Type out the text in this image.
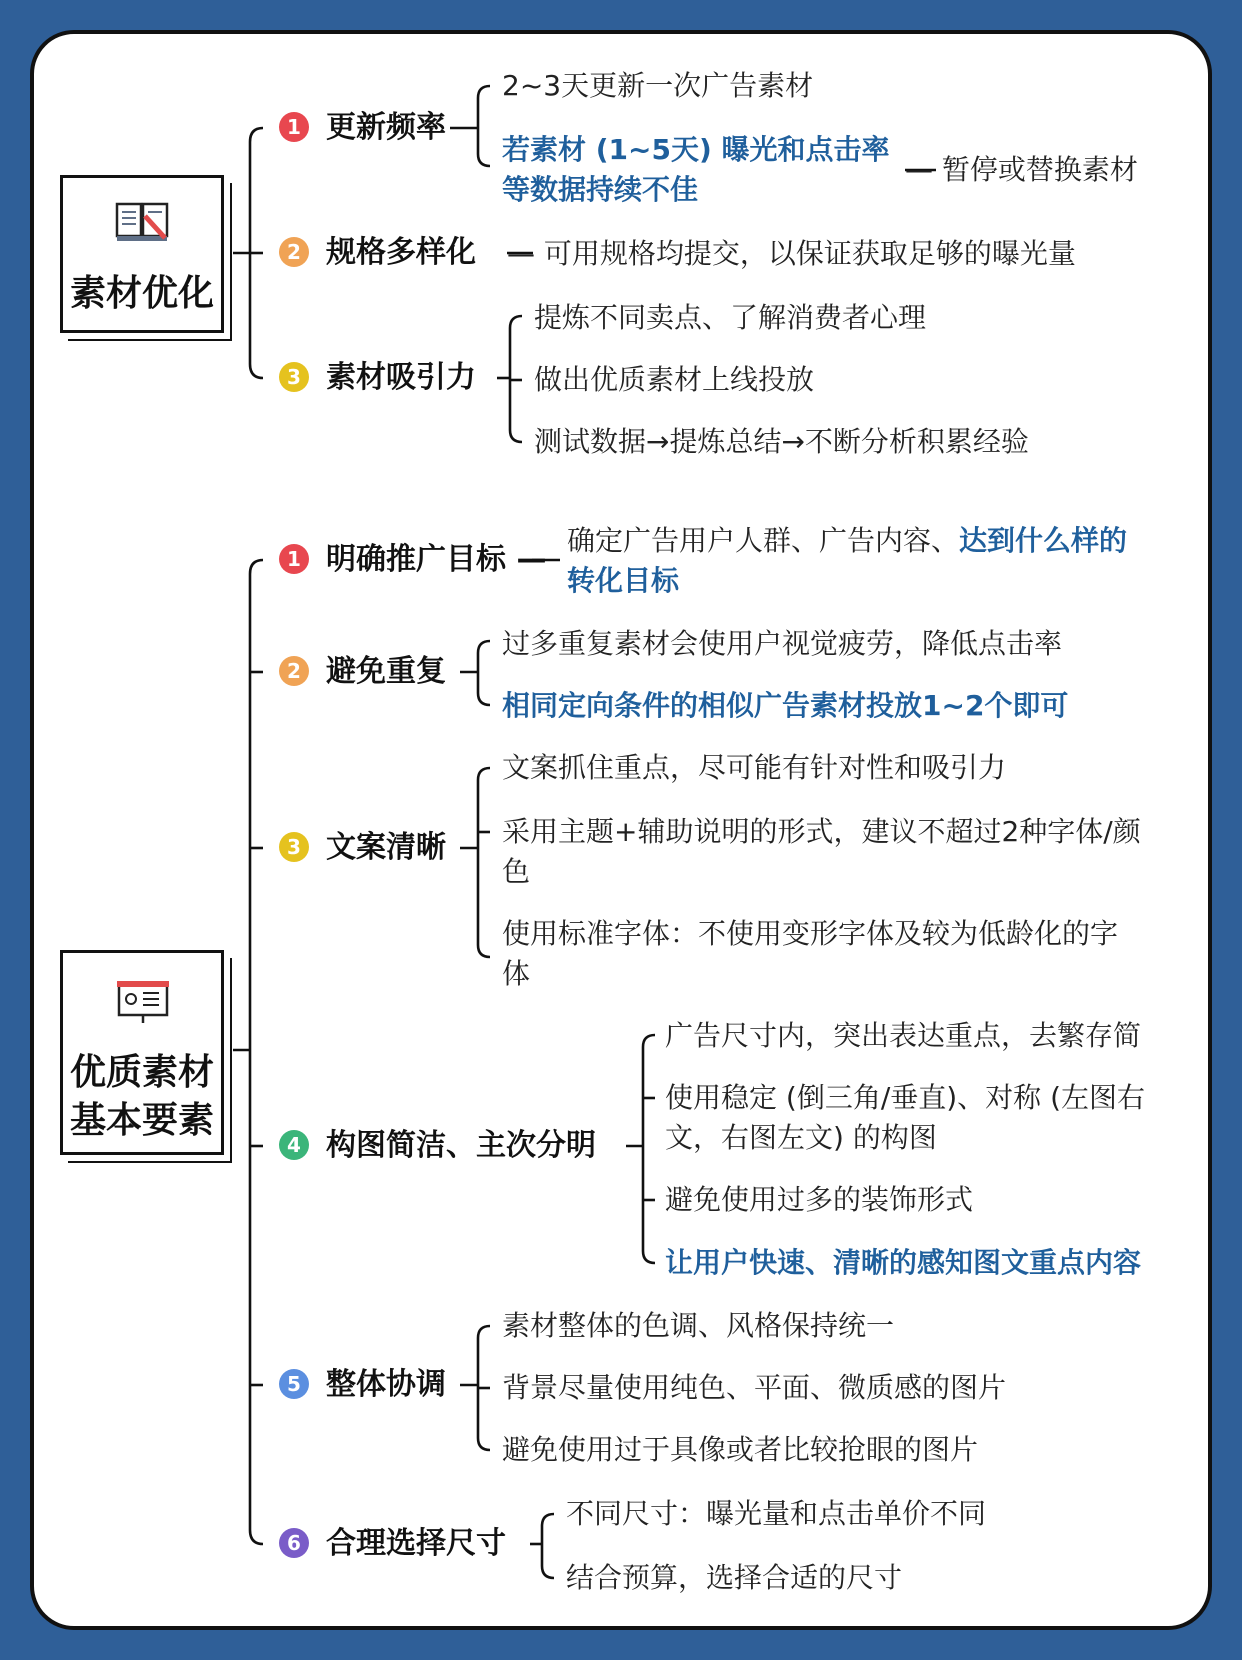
素材优化
1 更新频率
2~3天更新一次广告素材
若素材 (1~5天) 曝光和点击率
等数据持续不佳
— 暂停或替换素材
2 规格多样化 — 可用规格均提交，以保证获取足够的曝光量
3 素材吸引力
提炼不同卖点、了解消费者心理
做出优质素材上线投放
测试数据→提炼总结→不断分析积累经验
优质素材
基本要素
1 明确推广目标 —
确定广告用户人群、广告内容、达到什么样的
转化目标
2 避免重复
过多重复素材会使用户视觉疲劳，降低点击率
相同定向条件的相似广告素材投放1~2个即可
3 文案清晰
文案抓住重点，尽可能有针对性和吸引力
采用主题+辅助说明的形式，建议不超过2种字体/颜色
使用标准字体：不使用变形字体及较为低龄化的字体
4 构图简洁、主次分明
广告尺寸内，突出表达重点，去繁存简
使用稳定 (倒三角/垂直)、对称 (左图右文，右图左文) 的构图
避免使用过多的装饰形式
让用户快速、清晰的感知图文重点内容
5 整体协调
素材整体的色调、风格保持统一
背景尽量使用纯色、平面、微质感的图片
避免使用过于具像或者比较抢眼的图片
6 合理选择尺寸
不同尺寸：曝光量和点击单价不同
结合预算，选择合适的尺寸
